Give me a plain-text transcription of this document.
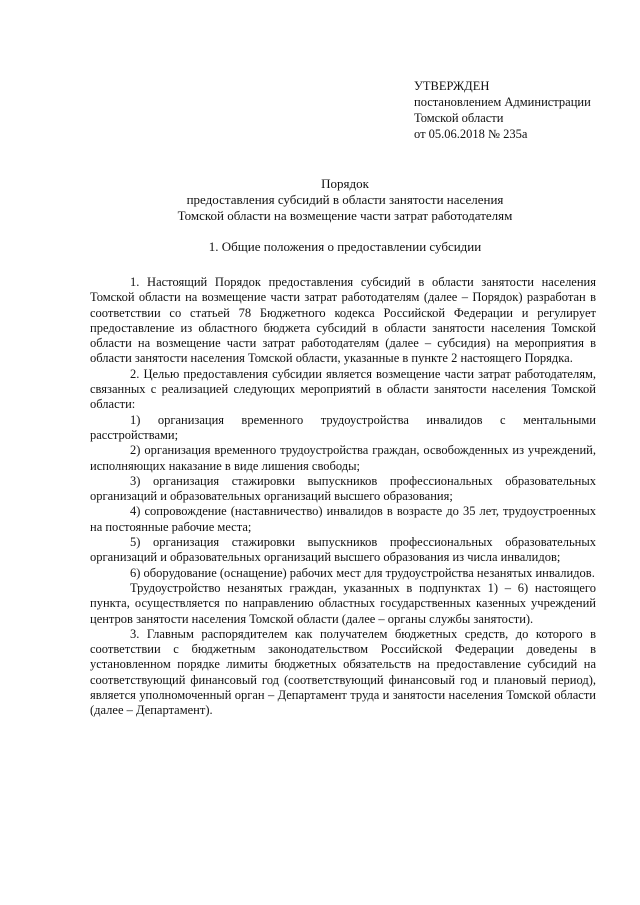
УТВЕРЖДЕН
постановлением Администрации
Томской области
от 05.06.2018 № 235а
Порядок
предоставления субсидий в области занятости населения
Томской области на возмещение части затрат работодателям
1. Общие положения о предоставлении субсидии

1. Настоящий Порядок предоставления субсидий в области занятости населения Томской области на возмещение части затрат работодателям (далее – Порядок) разработан в соответствии со статьей 78 Бюджетного кодекса Российской Федерации и регулирует предоставление из областного бюджета субсидий в области занятости населения Томской области на возмещение части затрат работодателям (далее – субсидия) на мероприятия в области занятости населения Томской области, указанные в пункте 2 настоящего Порядка.

2. Целью предоставления субсидии является возмещение части затрат работодателям, связанных с реализацией следующих мероприятий в области занятости населения Томской области:

1) организация временного трудоустройства инвалидов с ментальными расстройствами;

2) организация временного трудоустройства граждан, освобожденных из учреждений, исполняющих наказание в виде лишения свободы;

3) организация стажировки выпускников профессиональных образовательных организаций и образовательных организаций высшего образования;

4) сопровождение (наставничество) инвалидов в возрасте до 35 лет, трудоустроенных на постоянные рабочие места;

5) организация стажировки выпускников профессиональных образовательных организаций и образовательных организаций высшего образования из числа инвалидов;

6) оборудование (оснащение) рабочих мест для трудоустройства незанятых инвалидов.

Трудоустройство незанятых граждан, указанных в подпунктах 1) – 6) настоящего пункта, осуществляется по направлению областных государственных казенных учреждений центров занятости населения Томской области (далее – органы службы занятости).

3. Главным распорядителем как получателем бюджетных средств, до которого в соответствии с бюджетным законодательством Российской Федерации доведены в установленном порядке лимиты бюджетных обязательств на предоставление субсидий на соответствующий финансовый год (соответствующий финансовый год и плановый период), является уполномоченный орган – Департамент труда и занятости населения Томской области (далее – Департамент).
